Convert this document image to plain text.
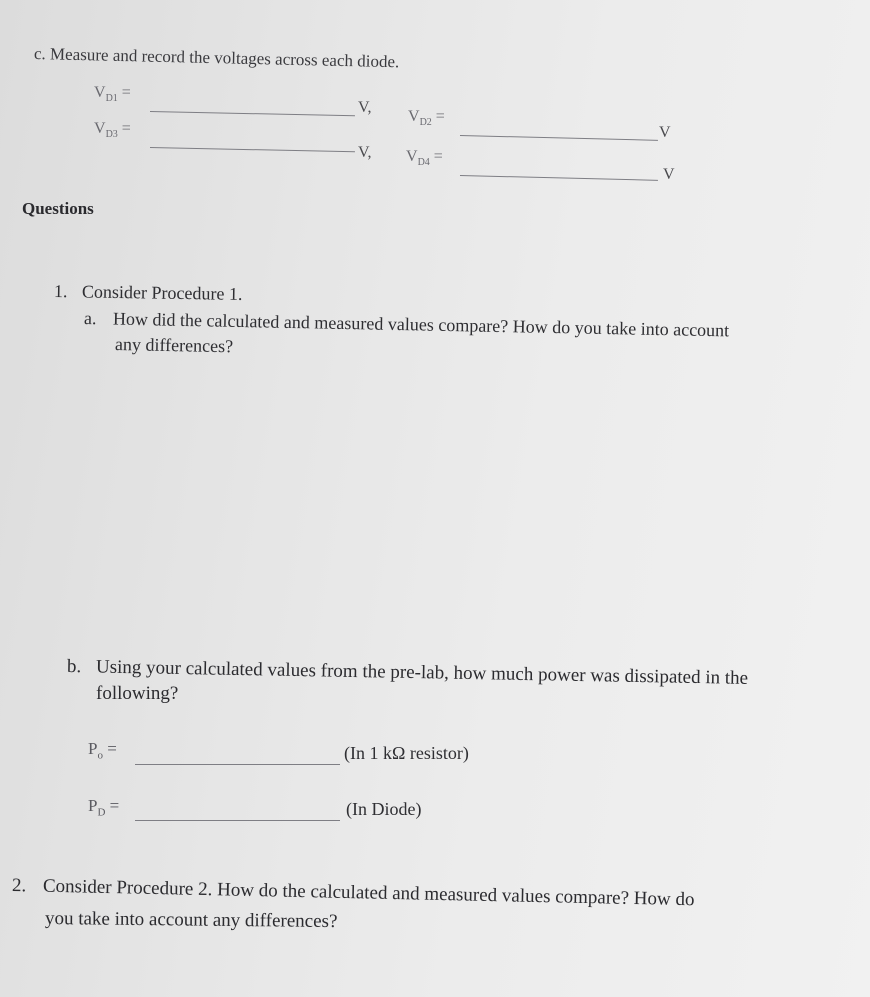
c. Measure and record the voltages across each diode.
$V_{D1}$ =
V,
$V_{D2}$ =
V
$V_{D3}$ =
V, $V_{D4}$ =
V
Questions
1. Consider Procedure 1.
a. How did the calculated and measured values compare? How do you take into account
any differences?
b. Using your calculated values from the pre-lab, how much power was dissipated in the
following?
$P_o$ =	(In 1 kΩ resistor)
$P_D$ =	(In Diode)
2. Consider Procedure 2. How do the calculated and measured values compare? How do
you take into account any differences?
